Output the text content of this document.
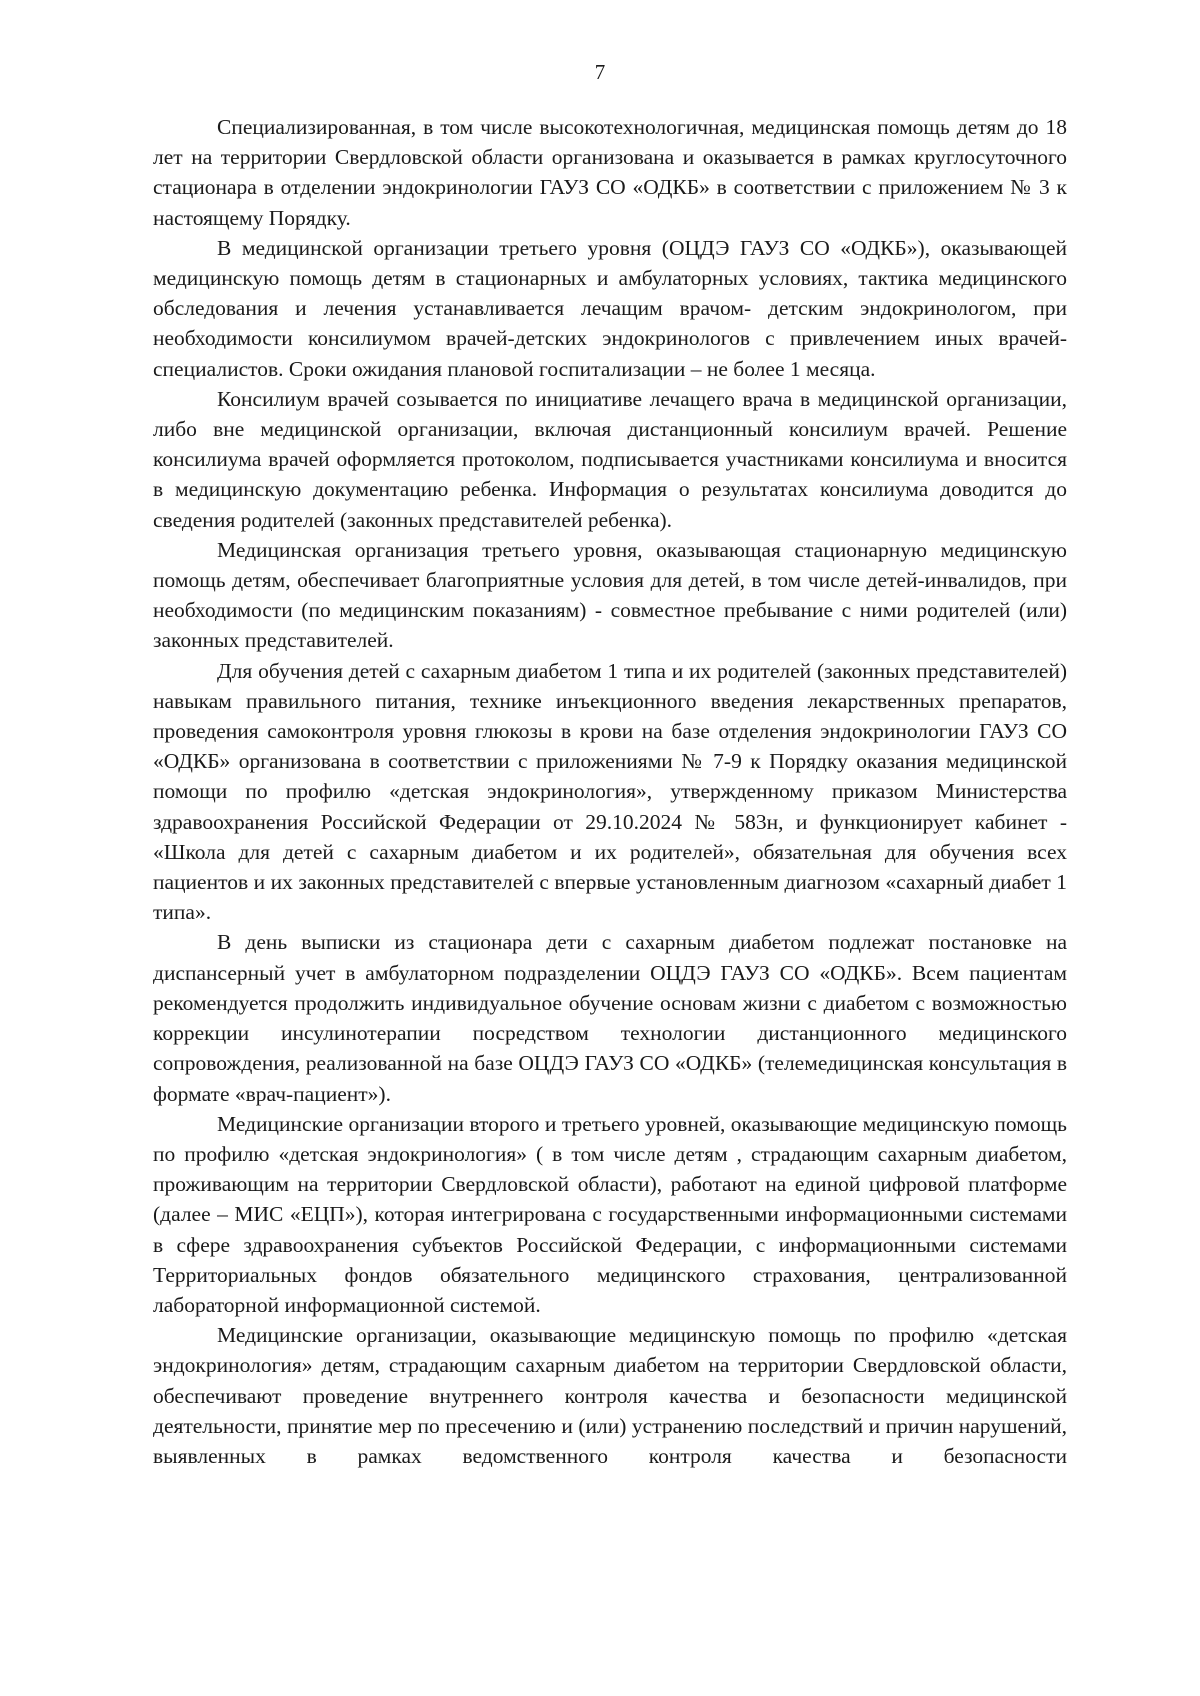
7

Специализированная, в том числе высокотехнологичная, медицинская помощь детям до 18 лет на территории Свердловской области организована и оказывается в рамках круглосуточного стационара в отделении эндокринологии ГАУЗ СО «ОДКБ» в соответствии с приложением № 3 к настоящему Порядку.

В медицинской организации третьего уровня (ОЦДЭ ГАУЗ СО «ОДКБ»), оказывающей медицинскую помощь детям в стационарных и амбулаторных условиях, тактика медицинского обследования и лечения устанавливается лечащим врачом- детским эндокринологом, при необходимости консилиумом врачей-детских эндокринологов с привлечением иных врачей-специалистов. Сроки ожидания плановой госпитализации – не более 1 месяца.

Консилиум врачей созывается по инициативе лечащего врача в медицинской организации, либо вне медицинской организации, включая дистанционный консилиум врачей. Решение консилиума врачей оформляется протоколом, подписывается участниками консилиума и вносится в медицинскую документацию ребенка. Информация о результатах консилиума доводится до сведения родителей (законных представителей ребенка).

Медицинская организация третьего уровня, оказывающая стационарную медицинскую помощь детям, обеспечивает благоприятные условия для детей, в том числе детей-инвалидов, при необходимости (по медицинским показаниям) - совместное пребывание с ними родителей (или) законных представителей.

Для обучения детей с сахарным диабетом 1 типа и их родителей (законных представителей) навыкам правильного питания, технике инъекционного введения лекарственных препаратов, проведения самоконтроля уровня глюкозы в крови на базе отделения эндокринологии ГАУЗ СО «ОДКБ» организована в соответствии с приложениями № 7-9 к Порядку оказания медицинской помощи по профилю «детская эндокринология», утвержденному приказом Министерства здравоохранения Российской Федерации от 29.10.2024 № 583н, и функционирует кабинет - «Школа для детей с сахарным диабетом и их родителей», обязательная для обучения всех пациентов и их законных представителей с впервые установленным диагнозом «сахарный диабет 1 типа».

В день выписки из стационара дети с сахарным диабетом подлежат постановке на диспансерный учет в амбулаторном подразделении ОЦДЭ ГАУЗ СО «ОДКБ». Всем пациентам рекомендуется продолжить индивидуальное обучение основам жизни с диабетом с возможностью коррекции инсулинотерапии посредством технологии дистанционного медицинского сопровождения, реализованной на базе ОЦДЭ ГАУЗ СО «ОДКБ» (телемедицинская консультация в формате «врач-пациент»).

Медицинские организации второго и третьего уровней, оказывающие медицинскую помощь по профилю «детская эндокринология» ( в том числе детям , страдающим сахарным диабетом, проживающим на территории Свердловской области), работают на единой цифровой платформе (далее – МИС «ЕЦП»), которая интегрирована с государственными информационными системами в сфере здравоохранения субъектов Российской Федерации, с информационными системами Территориальных фондов обязательного медицинского страхования, централизованной лабораторной информационной системой.

Медицинские организации, оказывающие медицинскую помощь по профилю «детская эндокринология» детям, страдающим сахарным диабетом на территории Свердловской области, обеспечивают проведение внутреннего контроля качества и безопасности медицинской деятельности, принятие мер по пресечению и (или) устранению последствий и причин нарушений, выявленных в рамках ведомственного контроля качества и безопасности
